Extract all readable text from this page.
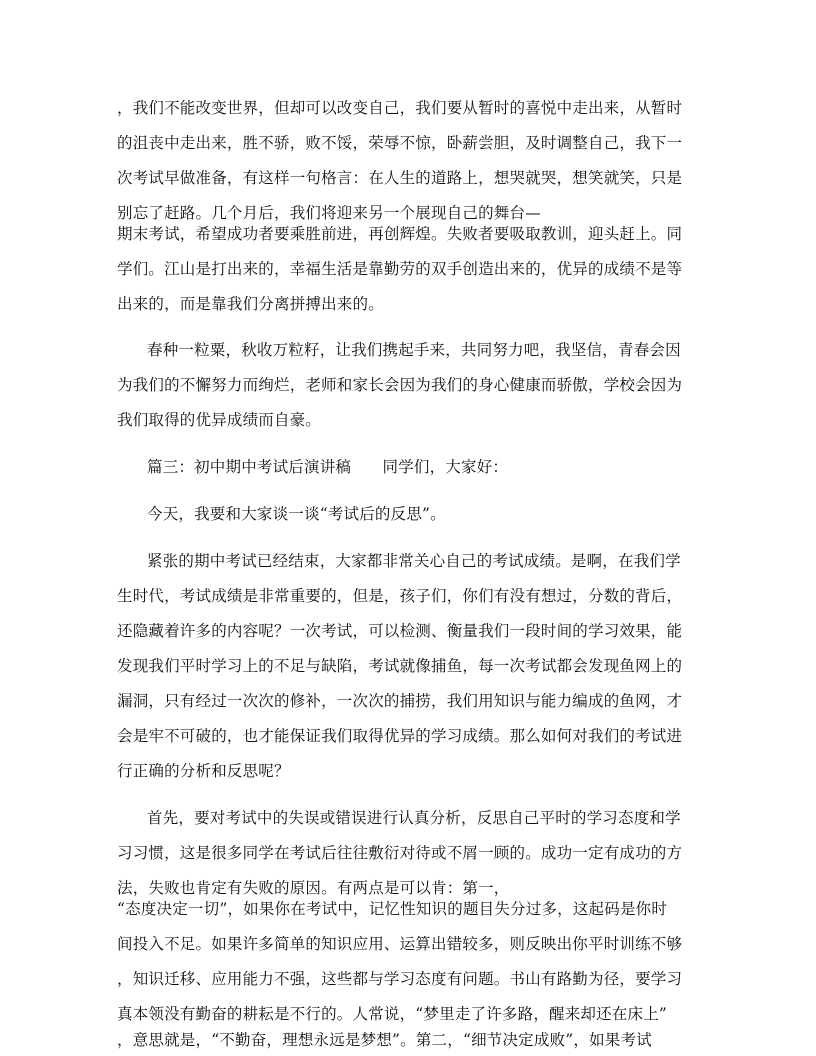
，我们不能改变世界，但却可以改变自己，我们要从暂时的喜悦中走出来，从暂时
的沮丧中走出来，胜不骄，败不馁，荣辱不惊，卧薪尝胆，及时调整自己，我下一
次考试早做准备，有这样一句格言：在人生的道路上，想哭就哭，想笑就笑，只是
别忘了赶路。几个月后，我们将迎来另一个展现自己的舞台—
期末考试，希望成功者要乘胜前进，再创辉煌。失败者要吸取教训，迎头赶上。同
学们。江山是打出来的，幸福生活是靠勤劳的双手创造出来的，优异的成绩不是等
出来的，而是靠我们分离拼搏出来的。
春种一粒粟，秋收万粒籽，让我们携起手来，共同努力吧，我坚信，青春会因
为我们的不懈努力而绚烂，老师和家长会因为我们的身心健康而骄傲，学校会因为
我们取得的优异成绩而自豪。
篇三：初中期中考试后演讲稿　　同学们，大家好：
今天，我要和大家谈一谈“考试后的反思”。
紧张的期中考试已经结束，大家都非常关心自己的考试成绩。是啊，在我们学
生时代，考试成绩是非常重要的，但是，孩子们，你们有没有想过，分数的背后，
还隐藏着许多的内容呢？一次考试，可以检测、衡量我们一段时间的学习效果，能
发现我们平时学习上的不足与缺陷，考试就像捕鱼，每一次考试都会发现鱼网上的
漏洞，只有经过一次次的修补，一次次的捕捞，我们用知识与能力编成的鱼网，才
会是牢不可破的，也才能保证我们取得优异的学习成绩。那么如何对我们的考试进
行正确的分析和反思呢？
首先，要对考试中的失误或错误进行认真分析，反思自己平时的学习态度和学
习习惯，这是很多同学在考试后往往敷衍对待或不屑一顾的。成功一定有成功的方
法，失败也肯定有失败的原因。有两点是可以肯：第一，
“态度决定一切”，如果你在考试中，记忆性知识的题目失分过多，这起码是你时
间投入不足。如果许多简单的知识应用、运算出错较多，则反映出你平时训练不够
，知识迁移、应用能力不强，这些都与学习态度有问题。书山有路勤为径，要学习
真本领没有勤奋的耕耘是不行的。人常说，“梦里走了许多路，醒来却还在床上”
，意思就是，“不勤奋，理想永远是梦想”。第二，“细节决定成败”，如果考试
